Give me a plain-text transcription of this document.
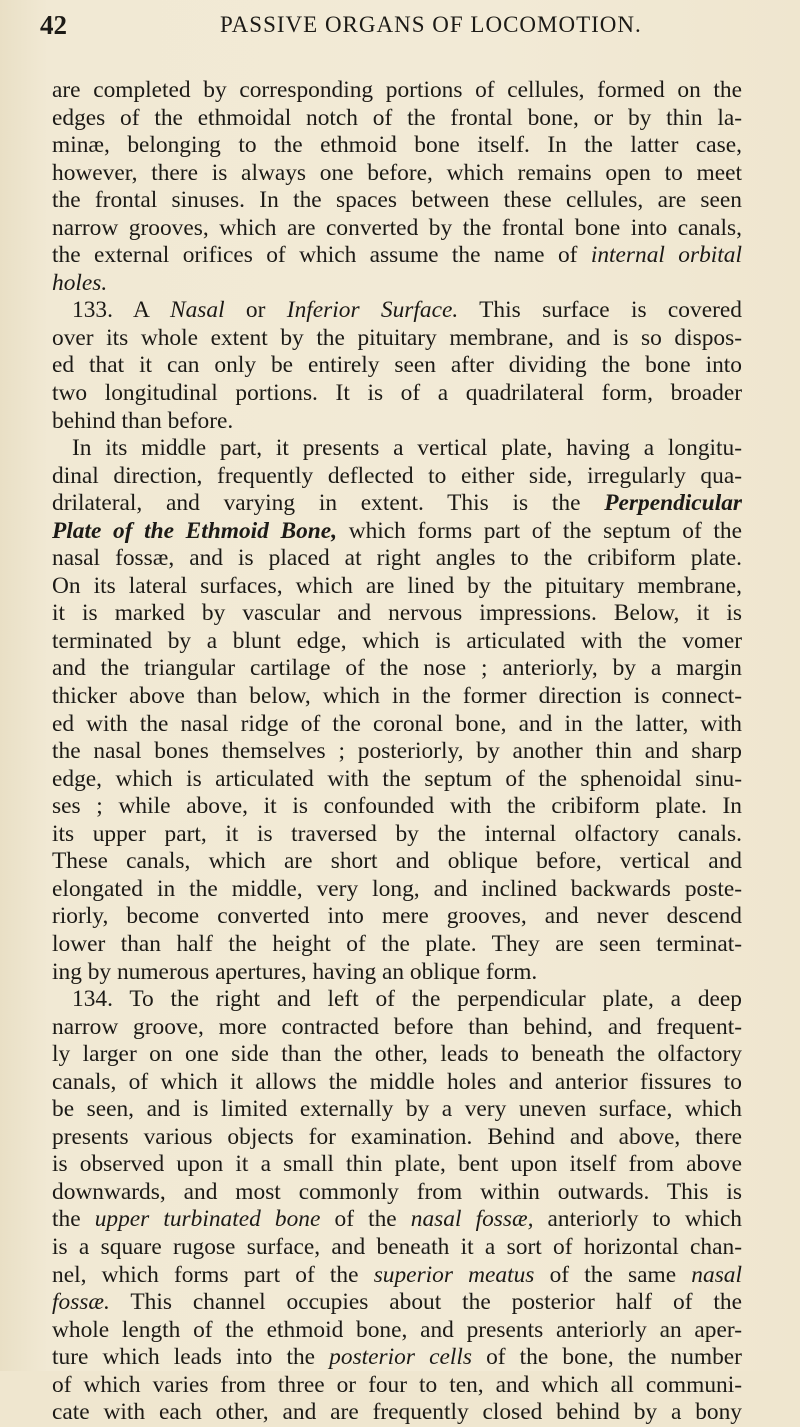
42	PASSIVE ORGANS OF LOCOMOTION.
are completed by corresponding portions of cellules, formed on the
edges of the ethmoidal notch of the frontal bone, or by thin la-
minæ, belonging to the ethmoid bone itself. In the latter case,
however, there is always one before, which remains open to meet
the frontal sinuses. In the spaces between these cellules, are seen
narrow grooves, which are converted by the frontal bone into canals,
the external orifices of which assume the name of internal orbital
holes.
133. A Nasal or Inferior Surface. This surface is covered
over its whole extent by the pituitary membrane, and is so dispos-
ed that it can only be entirely seen after dividing the bone into
two longitudinal portions. It is of a quadrilateral form, broader
behind than before.
In its middle part, it presents a vertical plate, having a longitu-
dinal direction, frequently deflected to either side, irregularly qua-
drilateral, and varying in extent. This is the Perpendicular
Plate of the Ethmoid Bone, which forms part of the septum of the
nasal fossæ, and is placed at right angles to the cribiform plate.
On its lateral surfaces, which are lined by the pituitary membrane,
it is marked by vascular and nervous impressions. Below, it is
terminated by a blunt edge, which is articulated with the vomer
and the triangular cartilage of the nose ; anteriorly, by a margin
thicker above than below, which in the former direction is connect-
ed with the nasal ridge of the coronal bone, and in the latter, with
the nasal bones themselves ; posteriorly, by another thin and sharp
edge, which is articulated with the septum of the sphenoidal sinu-
ses ; while above, it is confounded with the cribiform plate. In
its upper part, it is traversed by the internal olfactory canals.
These canals, which are short and oblique before, vertical and
elongated in the middle, very long, and inclined backwards poste-
riorly, become converted into mere grooves, and never descend
lower than half the height of the plate. They are seen terminat-
ing by numerous apertures, having an oblique form.
134. To the right and left of the perpendicular plate, a deep
narrow groove, more contracted before than behind, and frequent-
ly larger on one side than the other, leads to beneath the olfactory
canals, of which it allows the middle holes and anterior fissures to
be seen, and is limited externally by a very uneven surface, which
presents various objects for examination. Behind and above, there
is observed upon it a small thin plate, bent upon itself from above
downwards, and most commonly from within outwards. This is
the upper turbinated bone of the nasal fossæ, anteriorly to which
is a square rugose surface, and beneath it a sort of horizontal chan-
nel, which forms part of the superior meatus of the same nasal
fossæ. This channel occupies about the posterior half of the
whole length of the ethmoid bone, and presents anteriorly an aper-
ture which leads into the posterior cells of the bone, the number
of which varies from three or four to ten, and which all communi-
cate with each other, and are frequently closed behind by a bony
